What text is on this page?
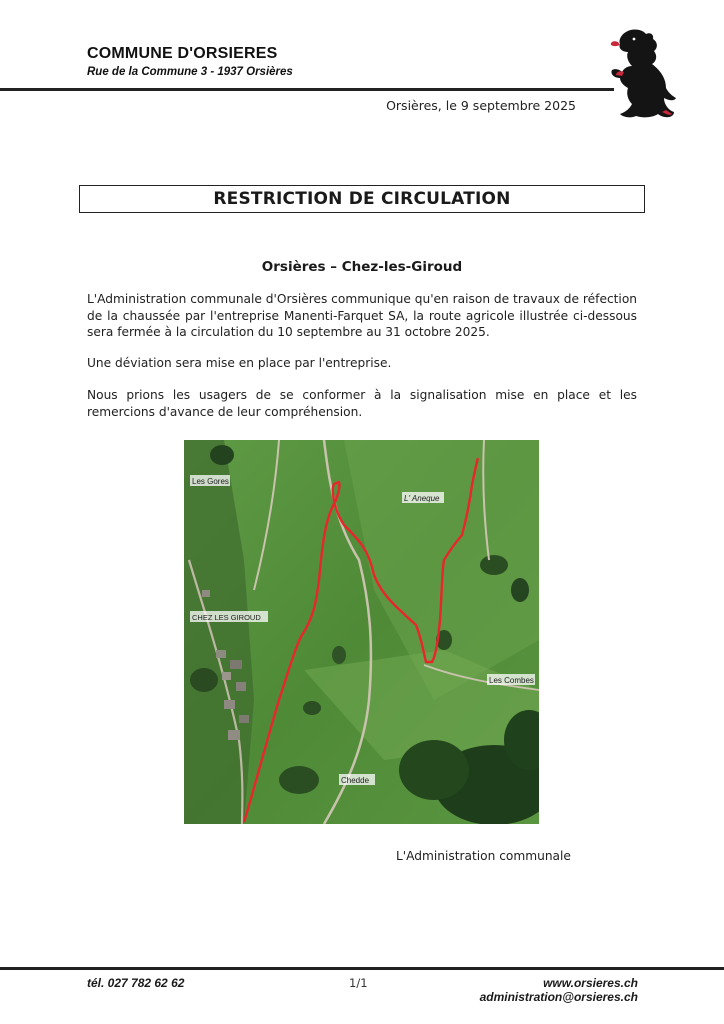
COMMUNE D'ORSIERES
Rue de la Commune 3 - 1937 Orsières
Orsières, le 9 septembre 2025
RESTRICTION DE CIRCULATION
Orsières – Chez-les-Giroud

L'Administration communale d'Orsières communique qu'en raison de travaux de réfection de la chaussée par l'entreprise Manenti-Farquet SA, la route agricole illustrée ci-dessous sera fermée à la circulation du 10 septembre au 31 octobre 2025.

Une déviation sera mise en place par l'entreprise.

Nous prions les usagers de se conformer à la signalisation mise en place et les remercions d'avance de leur compréhension.

Les Gores
L' Aneque
CHEZ LES GIROUD
Les Combes
Chedde
L'Administration communale
tél. 027 782 62 62	1/1	www.orsieres.ch
administration@orsieres.ch
